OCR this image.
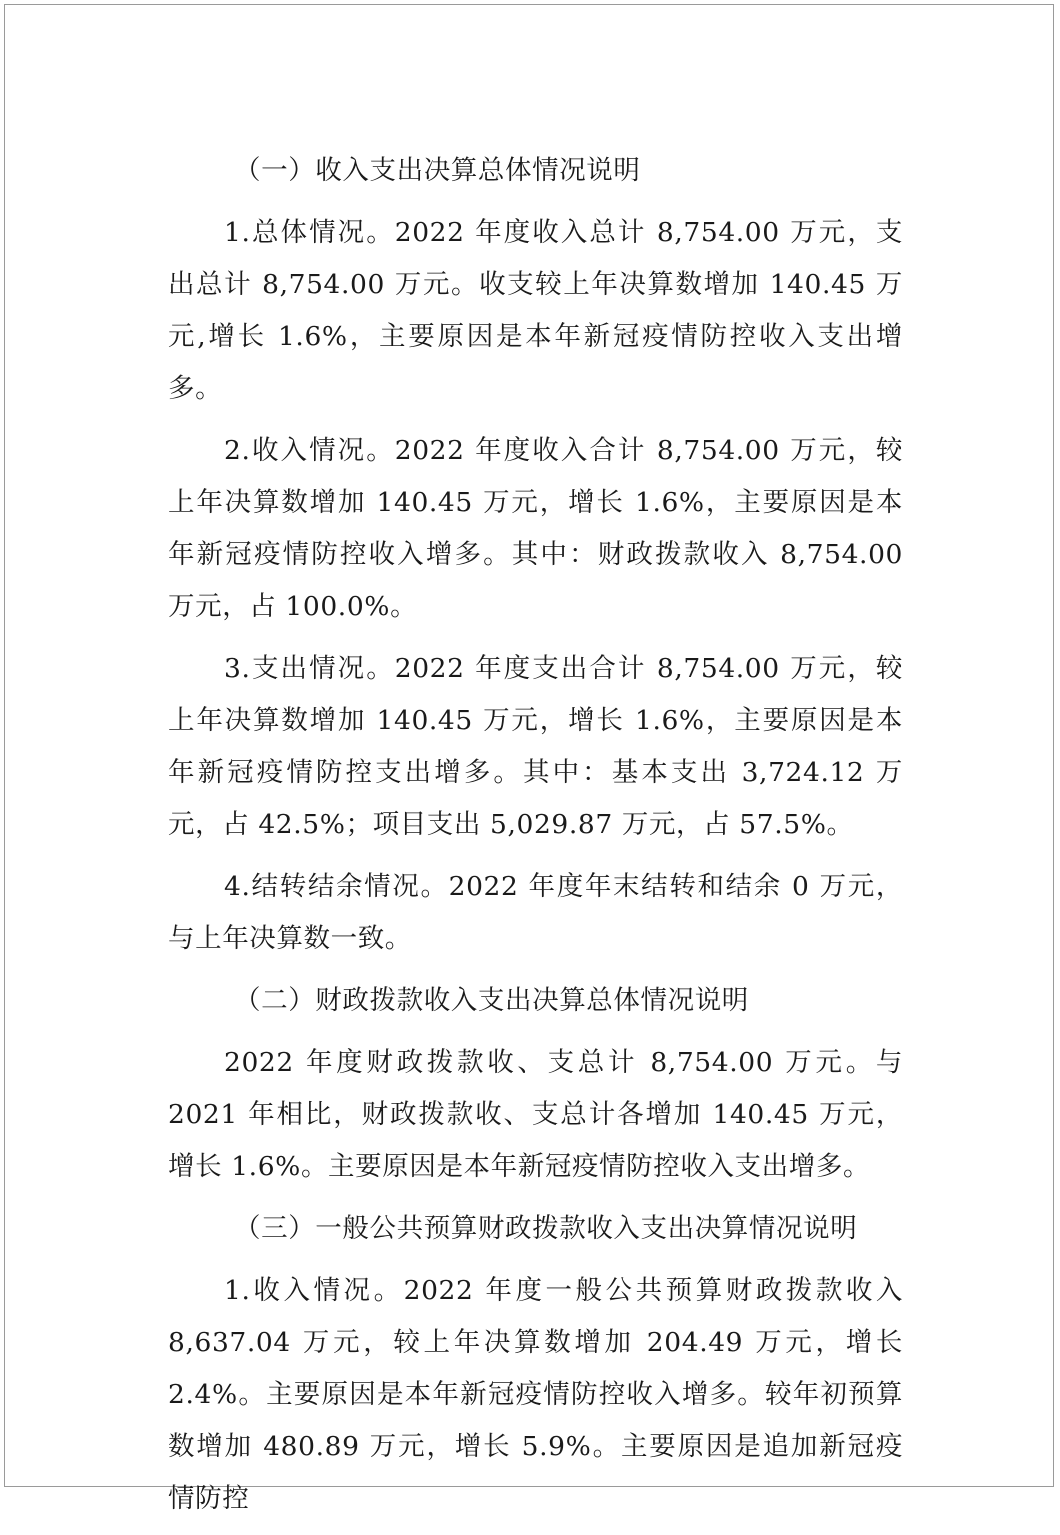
（一）收入支出决算总体情况说明

1.总体情况。2022 年度收入总计 8,754.00 万元，支出总计 8,754.00 万元。收支较上年决算数增加 140.45 万元,增长 1.6%，主要原因是本年新冠疫情防控收入支出增多。

2.收入情况。2022 年度收入合计 8,754.00 万元，较上年决算数增加 140.45 万元，增长 1.6%，主要原因是本年新冠疫情防控收入增多。其中：财政拨款收入 8,754.00 万元，占 100.0%。

3.支出情况。2022 年度支出合计 8,754.00 万元，较上年决算数增加 140.45 万元，增长 1.6%，主要原因是本年新冠疫情防控支出增多。其中：基本支出 3,724.12 万元，占 42.5%；项目支出 5,029.87 万元，占 57.5%。

4.结转结余情况。2022 年度年末结转和结余 0 万元，与上年决算数一致。

（二）财政拨款收入支出决算总体情况说明

2022 年度财政拨款收、支总计 8,754.00 万元。与 2021 年相比，财政拨款收、支总计各增加 140.45 万元，增长 1.6%。主要原因是本年新冠疫情防控收入支出增多。

（三）一般公共预算财政拨款收入支出决算情况说明

1.收入情况。2022 年度一般公共预算财政拨款收入 8,637.04 万元，较上年决算数增加 204.49 万元，增长 2.4%。主要原因是本年新冠疫情防控收入增多。较年初预算数增加 480.89 万元，增长 5.9%。主要原因是追加新冠疫情防控
